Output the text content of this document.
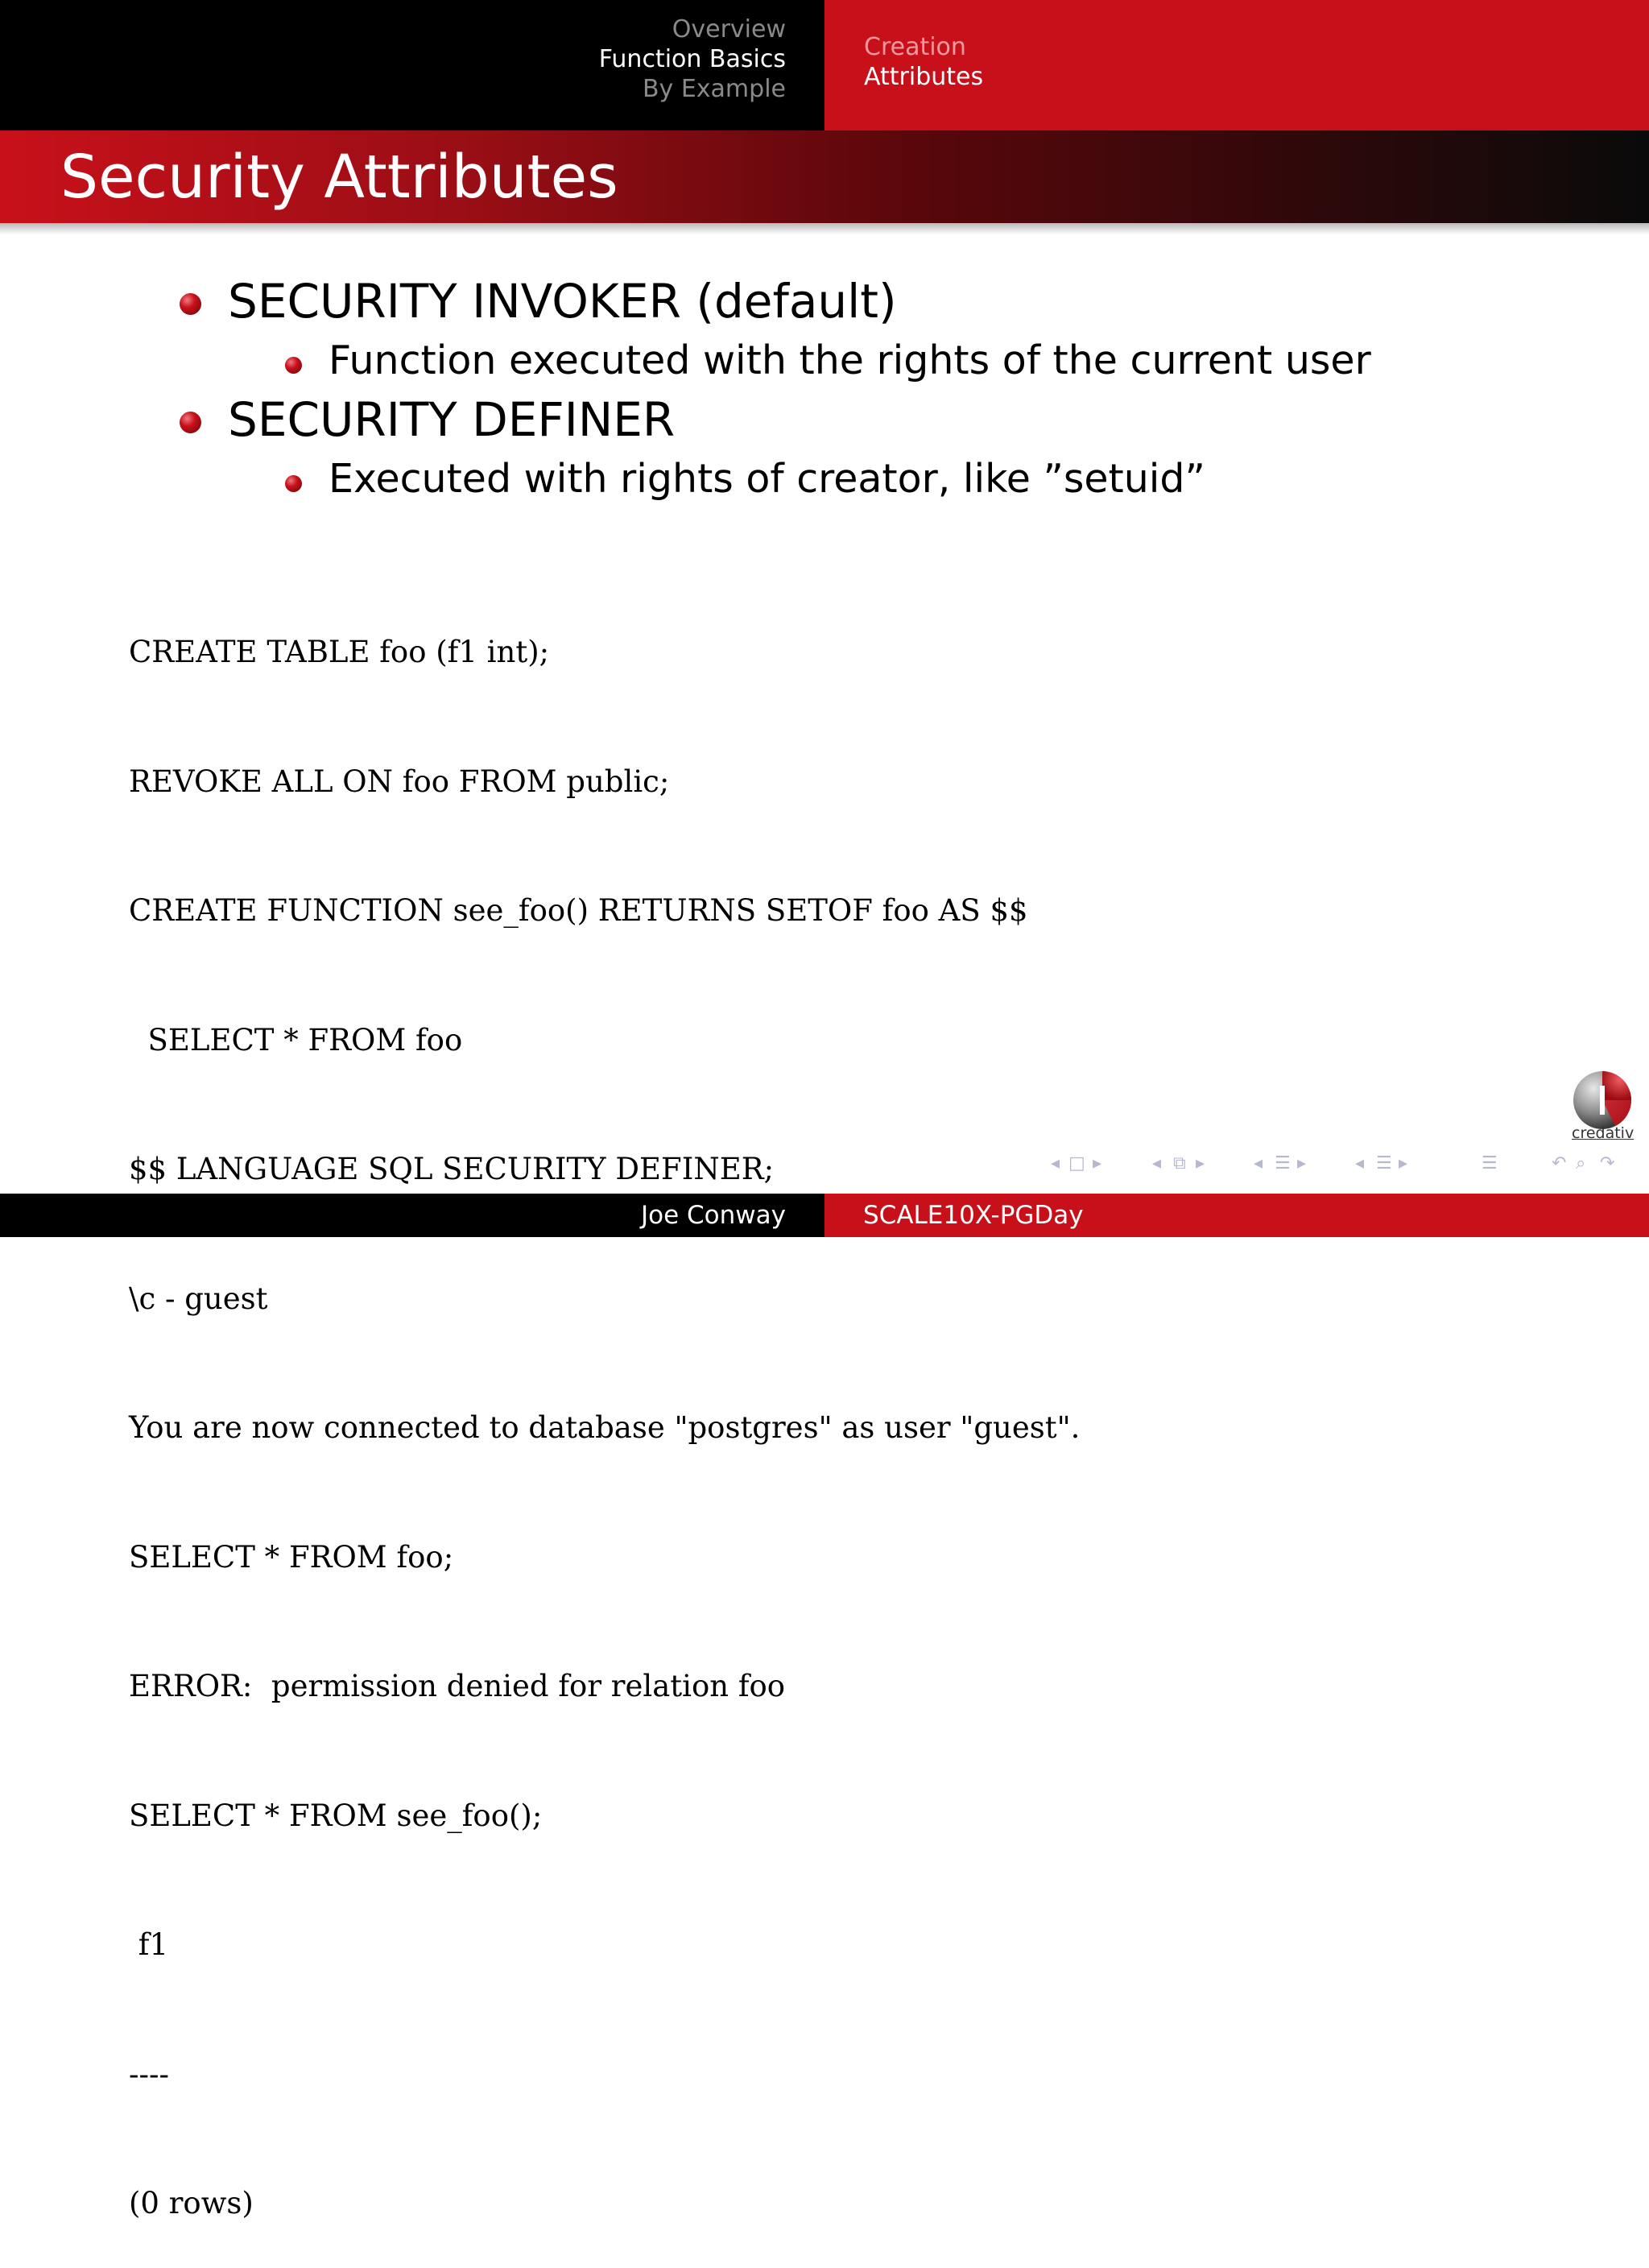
Overview
Function Basics
By Example
Creation
Attributes
Security Attributes
SECURITY INVOKER (default)
Function executed with the rights of the current user
SECURITY DEFINER
Executed with rights of creator, like ”setuid”

CREATE TABLE foo (f1 int);

REVOKE ALL ON foo FROM public;

CREATE FUNCTION see_foo() RETURNS SETOF foo AS $$

SELECT * FROM foo

$$ LANGUAGE SQL SECURITY DEFINER;

\c - guest

You are now connected to database "postgres" as user "guest".

SELECT * FROM foo;

ERROR:  permission denied for relation foo

SELECT * FROM see_foo();

f1

----

(0 rows)

credativ
◂ □ ▸	◂ ⧉ ▸	◂ ☰ ▸	◂ ☰ ▸	☰	↶ ⌕ ↷
Joe Conway	SCALE10X-PGDay
